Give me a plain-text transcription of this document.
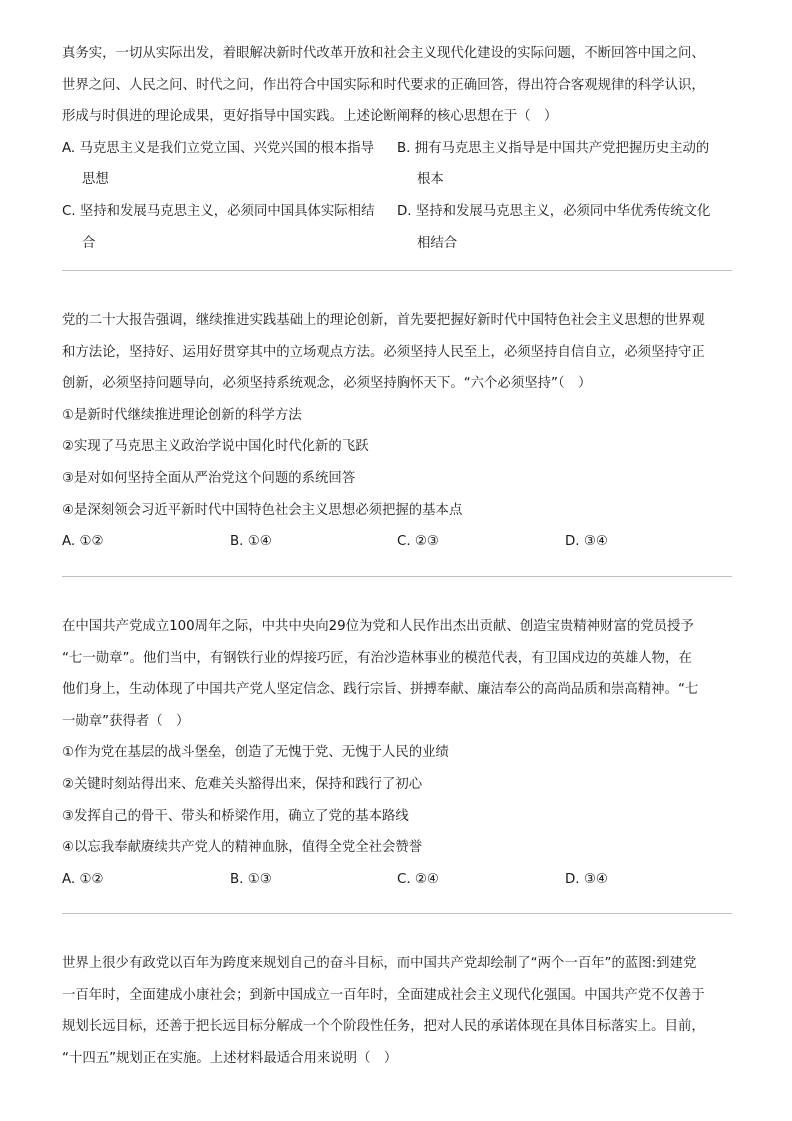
真务实，一切从实际出发，着眼解决新时代改革开放和社会主义现代化建设的实际问题，不断回答中国之问、
世界之问、人民之问、时代之问，作出符合中国实际和时代要求的正确回答，得出符合客观规律的科学认识，
形成与时俱进的理论成果，更好指导中国实践。上述论断阐释的核心思想在于（　）
A. 马克思主义是我们立党立国、兴党兴国的根本指导
思想
B. 拥有马克思主义指导是中国共产党把握历史主动的
根本
C. 坚持和发展马克思主义，必须同中国具体实际相结
合
D. 坚持和发展马克思主义，必须同中华优秀传统文化
相结合
党的二十大报告强调，继续推进实践基础上的理论创新，首先要把握好新时代中国特色社会主义思想的世界观
和方法论，坚持好、运用好贯穿其中的立场观点方法。必须坚持人民至上，必须坚持自信自立，必须坚持守正
创新，必须坚持问题导向，必须坚持系统观念，必须坚持胸怀天下。“六个必须坚持”（　）
①是新时代继续推进理论创新的科学方法
②实现了马克思主义政治学说中国化时代化新的飞跃
③是对如何坚持全面从严治党这个问题的系统回答
④是深刻领会习近平新时代中国特色社会主义思想必须把握的基本点
A. ①②	B. ①④	C. ②③	D. ③④
在中国共产党成立100周年之际，中共中央向29位为党和人民作出杰出贡献、创造宝贵精神财富的党员授予
“七一勋章”。他们当中，有钢铁行业的焊接巧匠，有治沙造林事业的模范代表，有卫国戍边的英雄人物，在
他们身上，生动体现了中国共产党人坚定信念、践行宗旨、拼搏奉献、廉洁奉公的高尚品质和崇高精神。“七
一勋章”获得者（　）
①作为党在基层的战斗堡垒，创造了无愧于党、无愧于人民的业绩
②关键时刻站得出来、危难关头豁得出来，保持和践行了初心
③发挥自己的骨干、带头和桥梁作用，确立了党的基本路线
④以忘我奉献赓续共产党人的精神血脉，值得全党全社会赞誉
A. ①②	B. ①③	C. ②④	D. ③④
世界上很少有政党以百年为跨度来规划自己的奋斗目标，而中国共产党却绘制了“两个一百年”的蓝图:到建党
一百年时，全面建成小康社会；到新中国成立一百年时，全面建成社会主义现代化强国。中国共产党不仅善于
规划长远目标，还善于把长远目标分解成一个个阶段性任务，把对人民的承诺体现在具体目标落实上。目前，
“十四五”规划正在实施。上述材料最适合用来说明（　）
